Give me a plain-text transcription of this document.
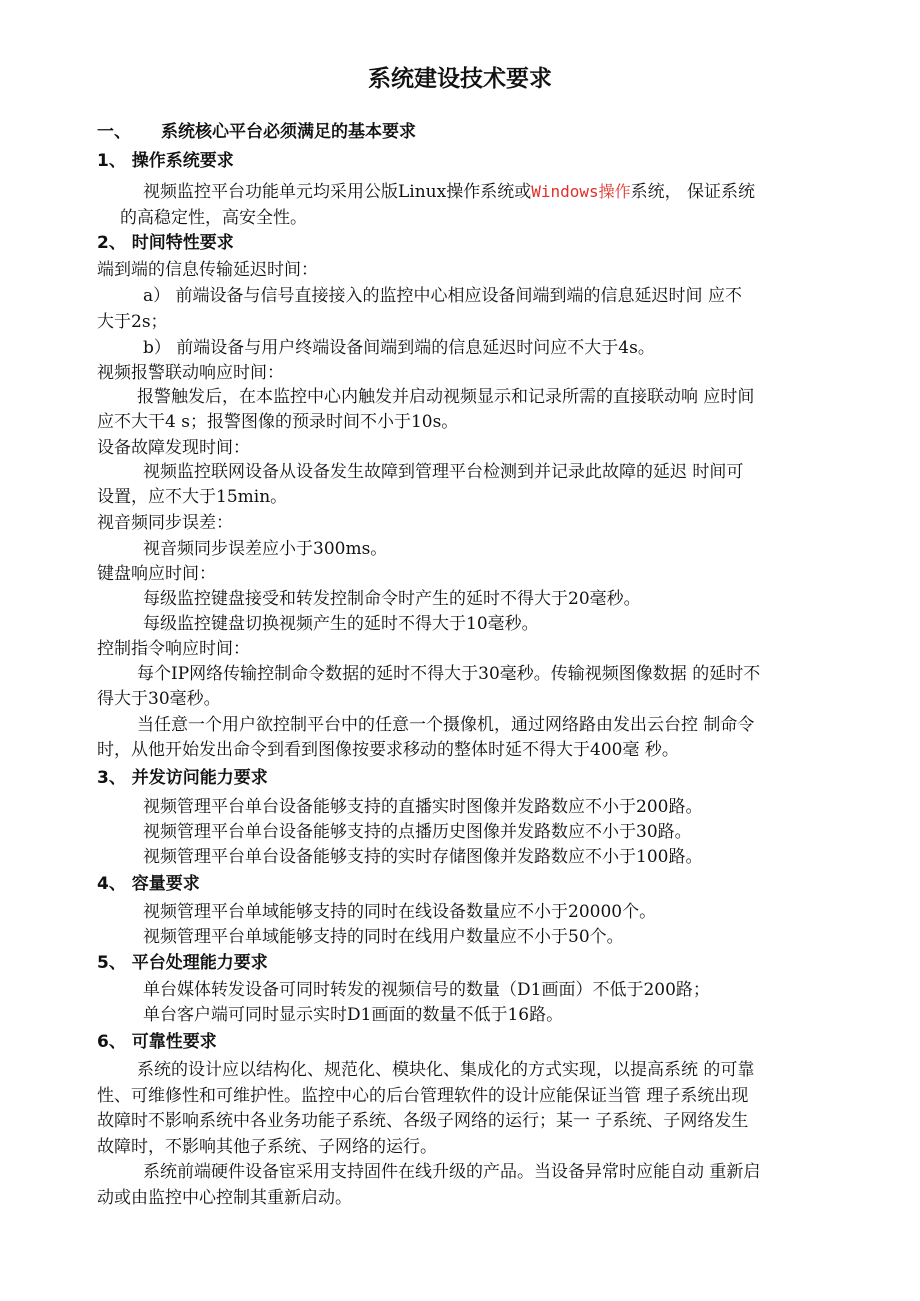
系统建设技术要求
一、 系统核心平台必须满足的基本要求
1、 操作系统要求
视频监控平台功能单元均采用公版Linux操作系统或Windows操作系统， 保证系统
的高稳定性，高安全性。
2、 时间特性要求
端到端的信息传输延迟时间：
a） 前端设备与信号直接接入的监控中心相应设备间端到端的信息延迟时间 应不
大于2s；
b） 前端设备与用户终端设备间端到端的信息延迟时问应不大于4s。
视频报警联动响应时间：
报警触发后，在本监控中心内触发并启动视频显示和记录所需的直接联动响 应时间
应不大干4 s；报警图像的预录时间不小于10s。
设备故障发现时间：
视频监控联网设备从设备发生故障到管理平台检测到并记录此故障的延迟 时间可
设置，应不大于15min。
视音频同步误差：
视音频同步误差应小于300ms。
键盘响应时间：
每级监控键盘接受和转发控制命令时产生的延时不得大于20毫秒。
每级监控键盘切换视频产生的延时不得大于10毫秒。
控制指令响应时间：
每个IP网络传输控制命令数据的延时不得大于30毫秒。传输视频图像数据 的延时不
得大于30毫秒。
当任意一个用户欲控制平台中的任意一个摄像机，通过网络路由发出云台控 制命令
时，从他开始发出命令到看到图像按要求移动的整体时延不得大于400毫 秒。
3、 并发访问能力要求
视频管理平台单台设备能够支持的直播实时图像并发路数应不小于200路。
视频管理平台单台设备能够支持的点播历史图像并发路数应不小于30路。
视频管理平台单台设备能够支持的实时存储图像并发路数应不小于100路。
4、 容量要求
视频管理平台单域能够支持的同时在线设备数量应不小于20000个。
视频管理平台单域能够支持的同时在线用户数量应不小于50个。
5、 平台处理能力要求
单台媒体转发设备可同时转发的视频信号的数量（D1画面）不低于200路；
单台客户端可同时显示实时D1画面的数量不低于16路。
6、 可靠性要求
系统的设计应以结构化、规范化、模块化、集成化的方式实现，以提高系统 的可靠
性、可维修性和可维护性。监控中心的后台管理软件的设计应能保证当管 理子系统出现
故障时不影响系统中各业务功能子系统、各级子网络的运行；某一 子系统、子网络发生
故障时，不影响其他子系统、子网络的运行。
系统前端硬件设备宦采用支持固件在线升级的产品。当设备异常时应能自动 重新启
动或由监控中心控制其重新启动。
